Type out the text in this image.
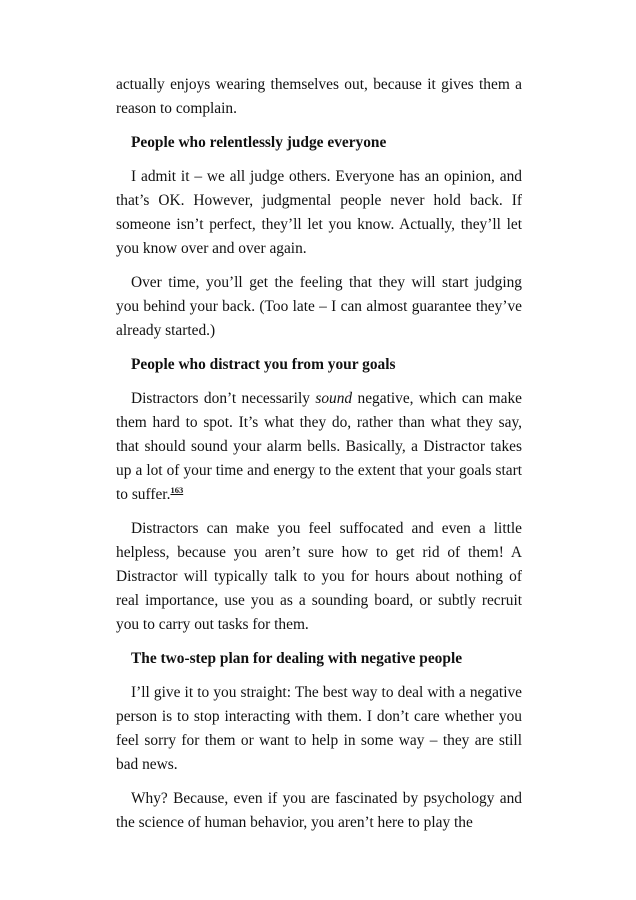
actually enjoys wearing themselves out, because it gives them a reason to complain.

People who relentlessly judge everyone

I admit it – we all judge others. Everyone has an opinion, and that’s OK. However, judgmental people never hold back. If someone isn’t perfect, they’ll let you know. Actually, they’ll let you know over and over again.

Over time, you’ll get the feeling that they will start judging you behind your back. (Too late – I can almost guarantee they’ve already started.)

People who distract you from your goals

Distractors don’t necessarily sound negative, which can make them hard to spot. It’s what they do, rather than what they say, that should sound your alarm bells. Basically, a Distractor takes up a lot of your time and energy to the extent that your goals start to suffer.$^{163}$

Distractors can make you feel suffocated and even a little helpless, because you aren’t sure how to get rid of them! A Distractor will typically talk to you for hours about nothing of real importance, use you as a sounding board, or subtly recruit you to carry out tasks for them.

The two-step plan for dealing with negative people

I’ll give it to you straight: The best way to deal with a negative person is to stop interacting with them. I don’t care whether you feel sorry for them or want to help in some way – they are still bad news.

Why? Because, even if you are fascinated by psychology and the science of human behavior, you aren’t here to play the
